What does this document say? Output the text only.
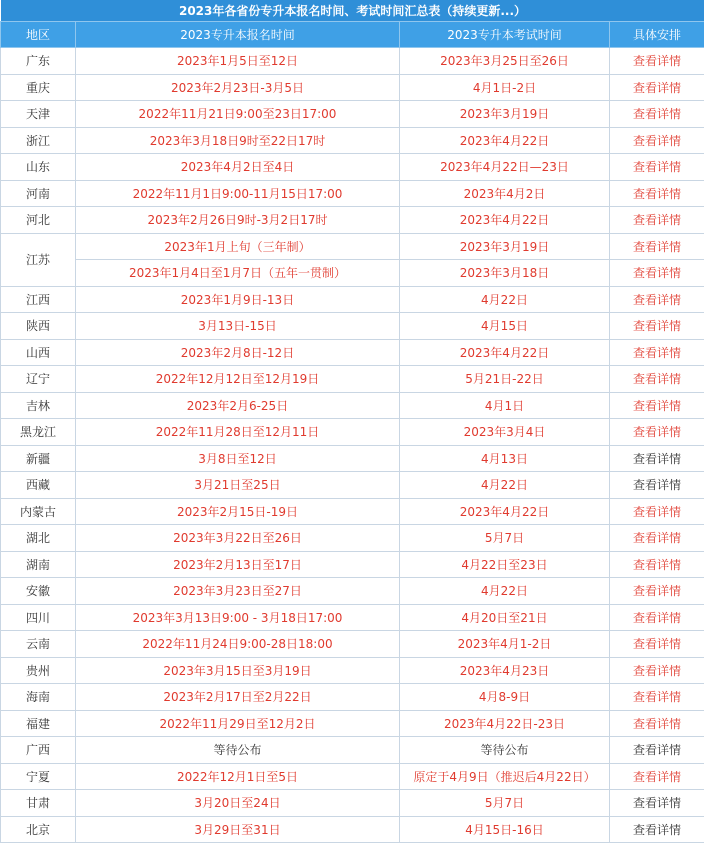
2023年各省份专升本报名时间、考试时间汇总表（持续更新...）			
地区	2023专升本报名时间	2023专升本考试时间	具体安排
广东	2023年1月5日至12日	2023年3月25日至26日	查看详情
重庆	2023年2月23日-3月5日	4月1日-2日	查看详情
天津	2022年11月21日9:00至23日17:00	2023年3月19日	查看详情
浙江	2023年3月18日9时至22日17时	2023年4月22日	查看详情
山东	2023年4月2日至4日	2023年4月22日—23日	查看详情
河南	2022年11月1日9:00-11月15日17:00	2023年4月2日	查看详情
河北	2023年2月26日9时-3月2日17时	2023年4月22日	查看详情
江苏	2023年1月上旬（三年制）	2023年3月19日	查看详情
	2023年1月4日至1月7日（五年一贯制）	2023年3月18日	查看详情
江西	2023年1月9日-13日	4月22日	查看详情
陕西	3月13日-15日	4月15日	查看详情
山西	2023年2月8日-12日	2023年4月22日	查看详情
辽宁	2022年12月12日至12月19日	5月21日-22日	查看详情
吉林	2023年2月6-25日	4月1日	查看详情
黑龙江	2022年11月28日至12月11日	2023年3月4日	查看详情
新疆	3月8日至12日	4月13日	查看详情
西藏	3月21日至25日	4月22日	查看详情
内蒙古	2023年2月15日-19日	2023年4月22日	查看详情
湖北	2023年3月22日至26日	5月7日	查看详情
湖南	2023年2月13日至17日	4月22日至23日	查看详情
安徽	2023年3月23日至27日	4月22日	查看详情
四川	2023年3月13日9:00 - 3月18日17:00	4月20日至21日	查看详情
云南	2022年11月24日9:00-28日18:00	2023年4月1-2日	查看详情
贵州	2023年3月15日至3月19日	2023年4月23日	查看详情
海南	2023年2月17日至2月22日	4月8-9日	查看详情
福建	2022年11月29日至12月2日	2023年4月22日-23日	查看详情
广西	等待公布	等待公布	查看详情
宁夏	2022年12月1日至5日	原定于4月9日（推迟后4月22日）	查看详情
甘肃	3月20日至24日	5月7日	查看详情
北京	3月29日至31日	4月15日-16日	查看详情
